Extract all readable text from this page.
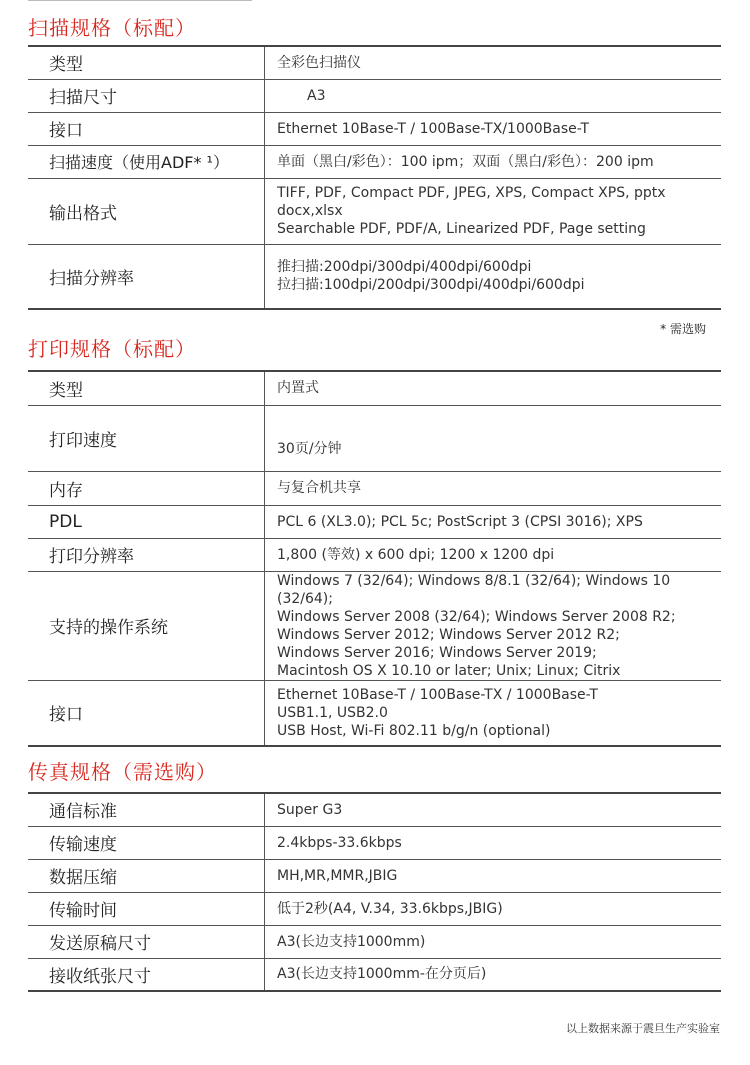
扫描规格（标配）
类型	全彩色扫描仪

扫描尺寸	A3

接口	Ethernet 10Base-T / 100Base-TX/1000Base-T

扫描速度（使用ADF* ¹）	单面（黑白/彩色）：100 ipm；双面（黑白/彩色）：200 ipm

输出格式	TIFF, PDF, Compact PDF, JPEG, XPS, Compact XPS, pptx docx,xlsx
Searchable PDF, PDF/A, Linearized PDF, Page setting

扫描分辨率	推扫描:200dpi/300dpi/400dpi/600dpi
拉扫描:100dpi/200dpi/300dpi/400dpi/600dpi
* 需选购
打印规格（标配）
类型	内置式

打印速度	30页/分钟

内存	与复合机共享

PDL	PCL 6 (XL3.0); PCL 5c; PostScript 3 (CPSI 3016); XPS

打印分辨率	1,800 (等效) x 600 dpi; 1200 x 1200 dpi

支持的操作系统	Windows 7 (32/64); Windows 8/8.1 (32/64); Windows 10 (32/64);
Windows Server 2008 (32/64); Windows Server 2008 R2;
Windows Server 2012; Windows Server 2012 R2;
Windows Server 2016; Windows Server 2019;
Macintosh OS X 10.10 or later; Unix; Linux; Citrix

接口	Ethernet 10Base-T / 100Base-TX / 1000Base-T
USB1.1, USB2.0
USB Host, Wi-Fi 802.11 b/g/n (optional)
传真规格（需选购）
通信标准	Super G3

传输速度	2.4kbps-33.6kbps

数据压缩	MH,MR,MMR,JBIG

传输时间	低于2秒(A4, V.34, 33.6kbps,JBIG)

发送原稿尺寸	A3(长边支持1000mm)

接收纸张尺寸	A3(长边支持1000mm-在分页后)
以上数据来源于震旦生产实验室
